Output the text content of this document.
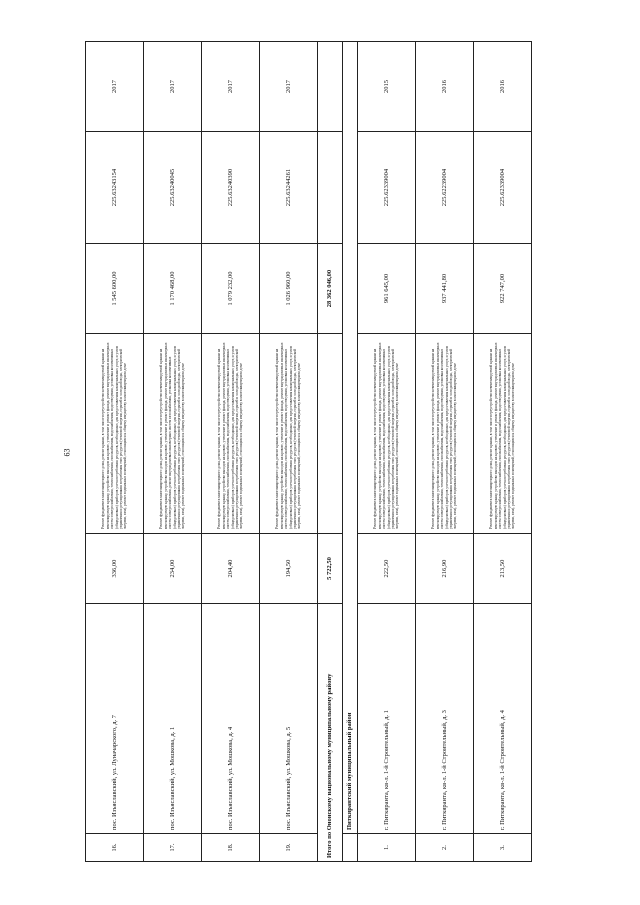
63
16.	пос. Изъяславский, ул. Луначарского, д. 7	336,00	Ремонт фундамента многоквартирного дома, ремонт крыши, в том числе переустройство невентилируемой крыши на вентилируемую крышу, устройство выходов на кровлю, утепление и ремонт фасада, ремонт внутридомовых инженерных систем электроснабжения, теплоснабжения, газоснабжения, водоснабжения, водоотведения, установка коллективных (общедомовых) приборов учета потребления ресурсов, необходимых для предоставления коммунальных услуг, и узлов управления и регулирования потребления этих ресурсов (тепловой энергии, горячей и холодной воды, электрической энергии, газа), ремонт подвальных помещений, относящихся к общему имуществу в многоквартирном доме	1 545 600,00	225.63243154	2017
17.	пос. Изъяславский, ул. Мошкова, д. 1	234,00	Ремонт фундамента многоквартирного дома, ремонт крыши, в том числе переустройство невентилируемой крыши на вентилируемую крышу, устройство выходов на кровлю, утепление и ремонт фасада, ремонт внутридомовых инженерных систем электроснабжения, ремонт внутридомовых инженерных систем газоснабжения, установка коллективных (общедомовых) приборов учета потребления ресурсов, необходимых для предоставления коммунальных услуг, и узлов управления и регулирования потребления этих ресурсов (тепловой энергии, горячей и холодной воды, электрической энергии, газа), ремонт подвальных помещений, относящихся к общему имуществу в многоквартирном доме	1 170 468,00	225.63240045	2017
18.	пос. Изъяславский, ул. Мошкова, д. 4	204,40	Ремонт фундамента многоквартирного дома, ремонт крыши, в том числе переустройство невентилируемой крыши на вентилируемую крышу, устройство выходов на кровлю, утепление и ремонт фасада, ремонт внутридомовых инженерных систем электроснабжения, теплоснабжения, газоснабжения, водоснабжения, водоотведения, установка коллективных (общедомовых) приборов учета потребления ресурсов, необходимых для предоставления коммунальных услуг, и узлов управления и регулирования потребления этих ресурсов (тепловой энергии, горячей и холодной воды, электрической энергии, газа), ремонт подвальных помещений, относящихся к общему имуществу в многоквартирном доме	1 079 232,00	225.63240390	2017
19.	пос. Изъяславский, ул. Мошкова, д. 5	194,50	Ремонт фундамента многоквартирного дома, ремонт крыши, в том числе переустройство невентилируемой крыши на вентилируемую крышу, устройство выходов на кровлю, утепление и ремонт фасада, ремонт внутридомовых инженерных систем электроснабжения, теплоснабжения, газоснабжения, водоснабжения, водоотведения, установка коллективных (общедомовых) приборов учета потребления ресурсов, необходимых для предоставления коммунальных услуг, и узлов управления и регулирования потребления этих ресурсов (тепловой энергии, горячей и холодной воды, электрической энергии, газа), ремонт подвальных помещений, относящихся к общему имуществу в многоквартирном доме	1 026 960,00	225.63244261	2017
Итого по Ононскому национальному муниципальному району		5 722,50		28 362 046,00		
	Питкярантский муниципальный район					
1.	г. Питкяранта, кв-л. 1-й Строительный, д. 1	222,50	Ремонт фундамента многоквартирного дома, ремонт крыши, в том числе переустройство невентилируемой крыши на вентилируемую крышу, устройство выходов на кровлю, утепление и ремонт фасада, ремонт внутридомовых инженерных систем электроснабжения, теплоснабжения, газоснабжения, водоснабжения, водоотведения, установка коллективных (общедомовых) приборов учета потребления ресурсов, необходимых для предоставления коммунальных услуг, и узлов управления и регулирования потребления этих ресурсов (тепловой энергии, горячей и холодной воды, электрической энергии, газа), ремонт подвальных помещений, относящихся к общему имуществу в многоквартирном доме	961 645,00	225.62339004	2015
2.	г. Питкяранта, кв-л. 1-й Строительный, д. 3	216,90	Ремонт фундамента многоквартирного дома, ремонт крыши, в том числе переустройство невентилируемой крыши на вентилируемую крышу, устройство выходов на кровлю, утепление и ремонт фасада, ремонт внутридомовых инженерных систем электроснабжения, теплоснабжения, газоснабжения, водоснабжения, водоотведения, установка коллективных (общедомовых) приборов учета потребления ресурсов, необходимых для предоставления коммунальных услуг, и узлов управления и регулирования потребления этих ресурсов (тепловой энергии, горячей и холодной воды, электрической энергии, газа), ремонт подвальных помещений, относящихся к общему имуществу в многоквартирном доме	937 441,80	225.62239004	2016
3.	г. Питкяранта, кв-л. 1-й Строительный, д. 4	213,50	Ремонт фундамента многоквартирного дома, ремонт крыши, в том числе переустройство невентилируемой крыши на вентилируемую крышу, устройство выходов на кровлю, утепление и ремонт фасада, ремонт внутридомовых инженерных систем электроснабжения, теплоснабжения, газоснабжения, водоснабжения, водоотведения, установка коллективных (общедомовых) приборов учета потребления ресурсов, необходимых для предоставления коммунальных услуг, и узлов управления и регулирования потребления этих ресурсов (тепловой энергии, горячей и холодной воды, электрической энергии, газа), ремонт подвальных помещений, относящихся к общему имуществу в многоквартирном доме	922 747,00	225.62339004	2016
